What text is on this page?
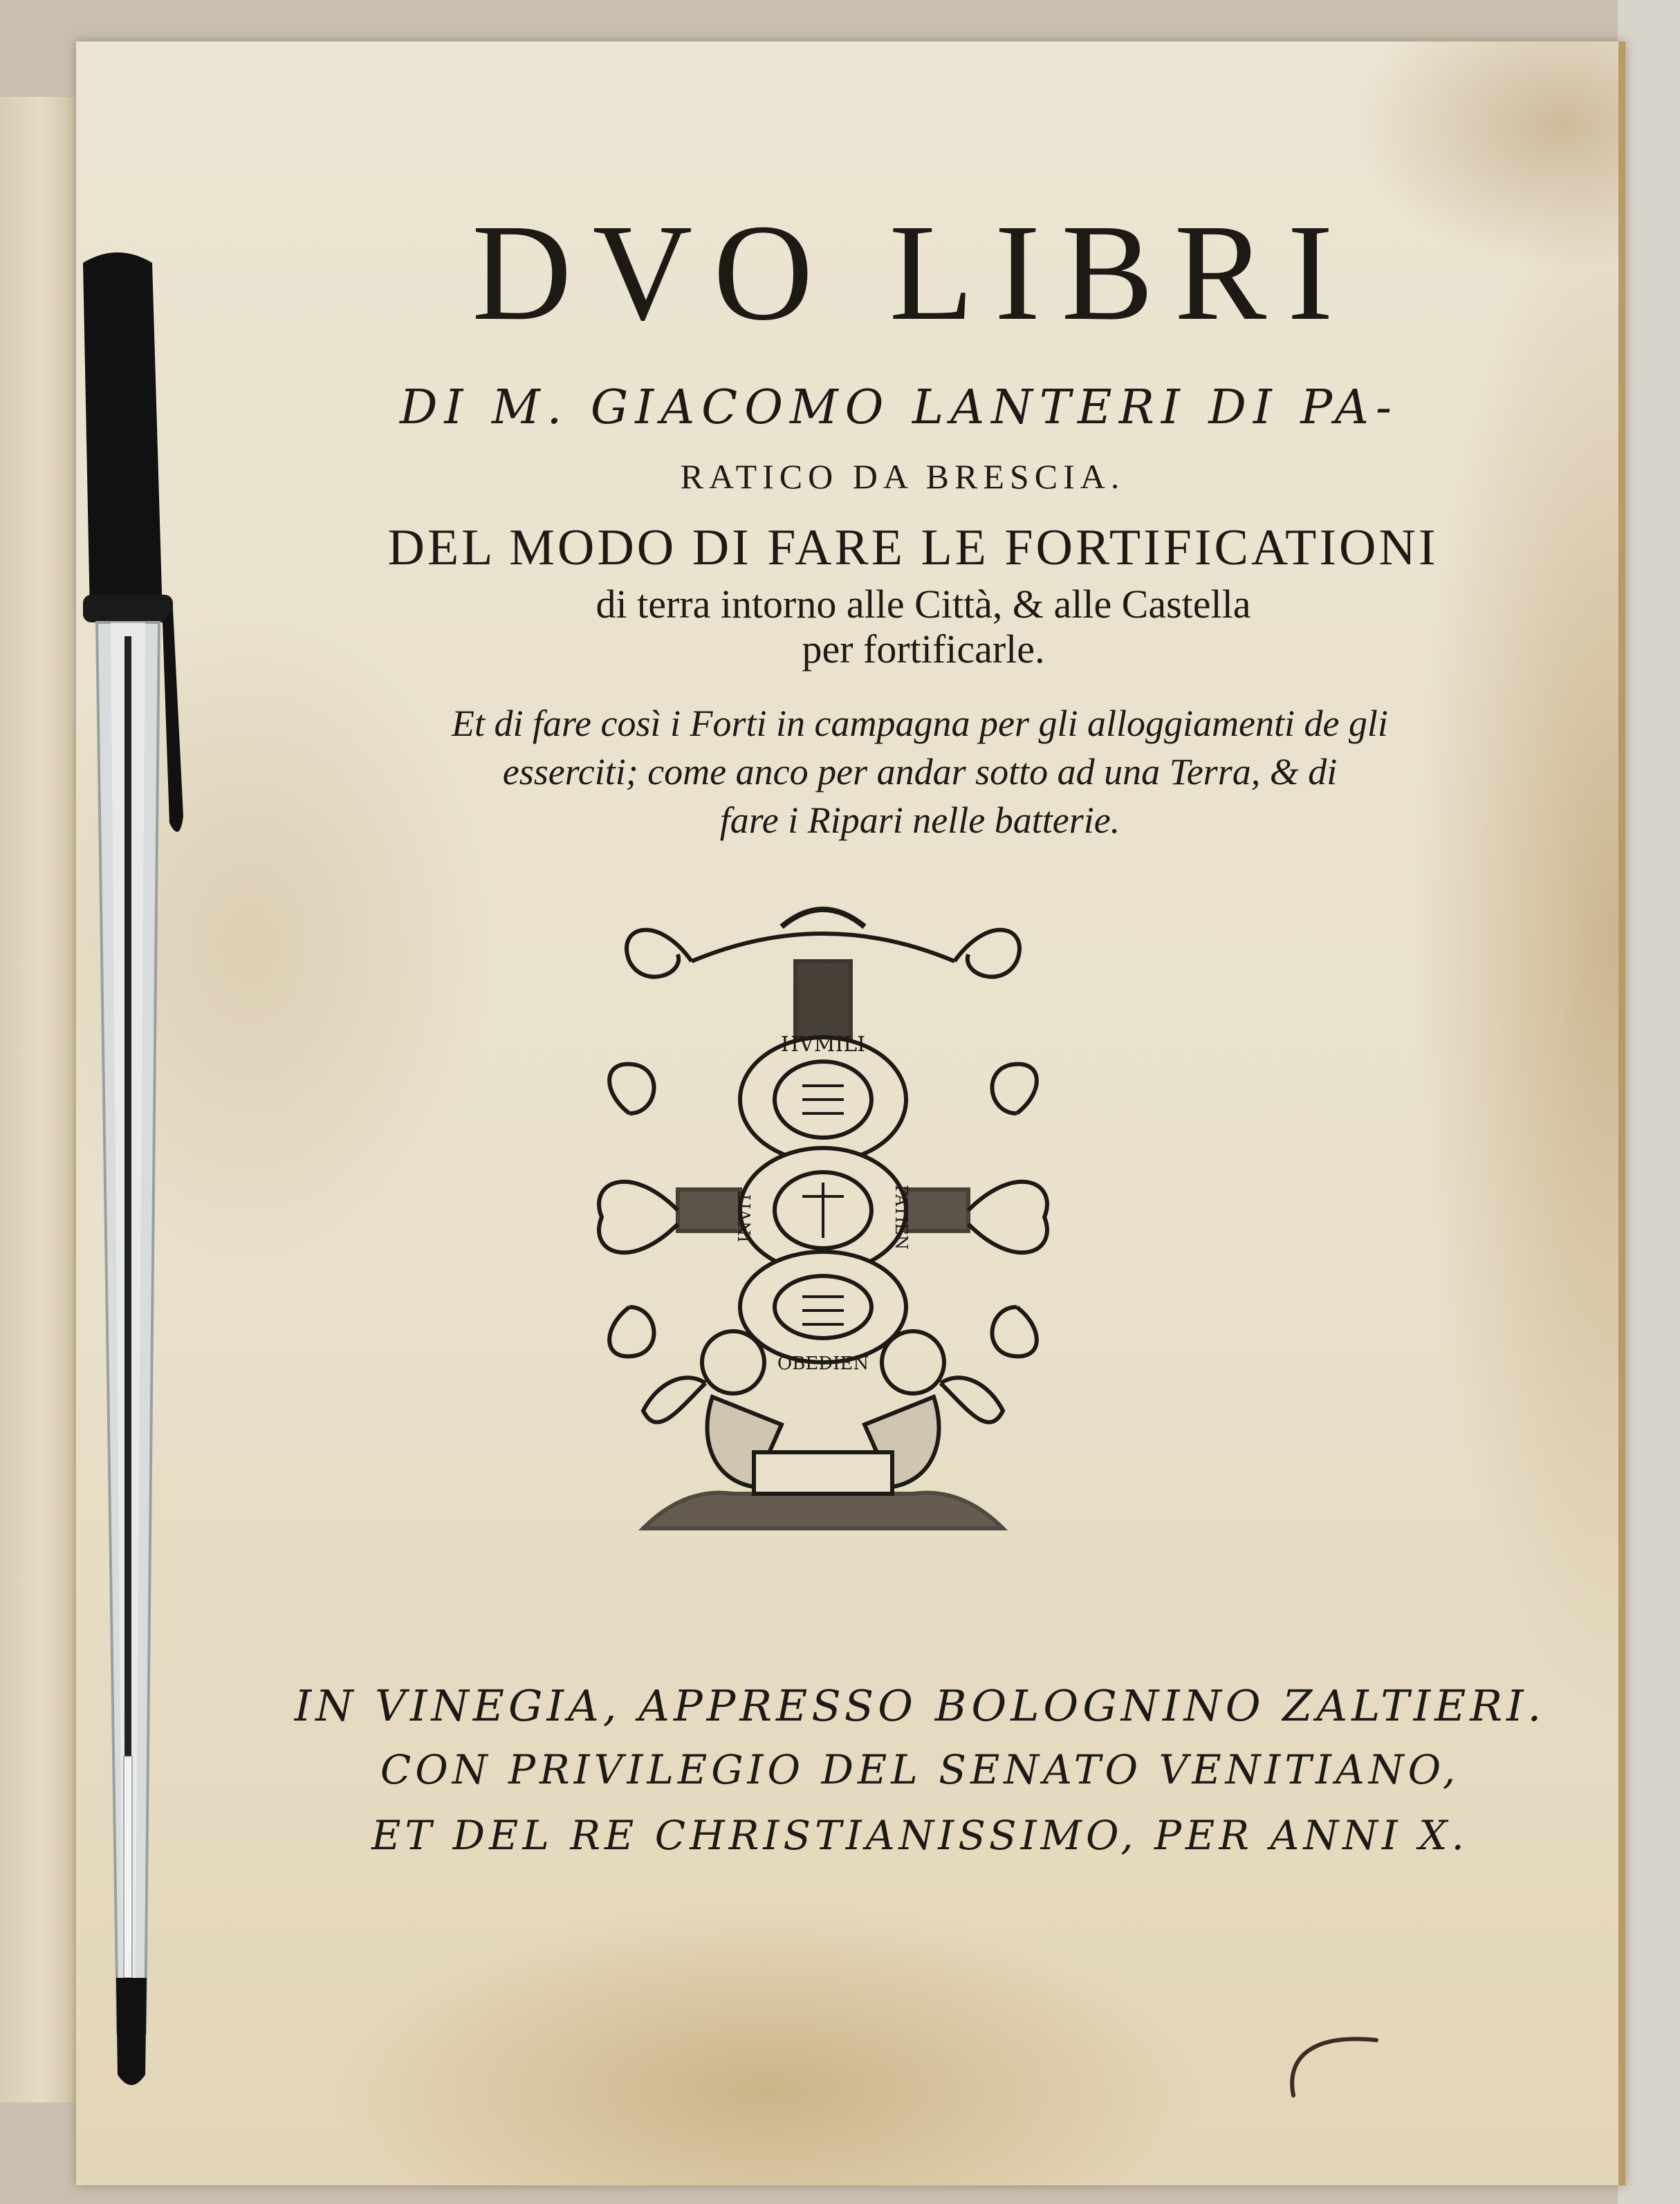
DVO LIBRI
DI M. GIACOMO LANTERI DI PA-
RATICO DA BRESCIA.
DEL MODO DI FARE LE FORTIFICATIONI
di terra intorno alle Città, & alle Castella
per fortificarle.
Et di fare così i Forti in campagna per gli alloggiamenti de gli
esserciti; come anco per andar sotto ad una Terra, & di
fare i Ripari nelle batterie.
HVMILI
INVIT	PATIEN
OBEDIEN
IN VINEGIA, APPRESSO BOLOGNINO ZALTIERI.
CON PRIVILEGIO DEL SENATO VENITIANO,
ET DEL RE CHRISTIANISSIMO, PER ANNI X.
